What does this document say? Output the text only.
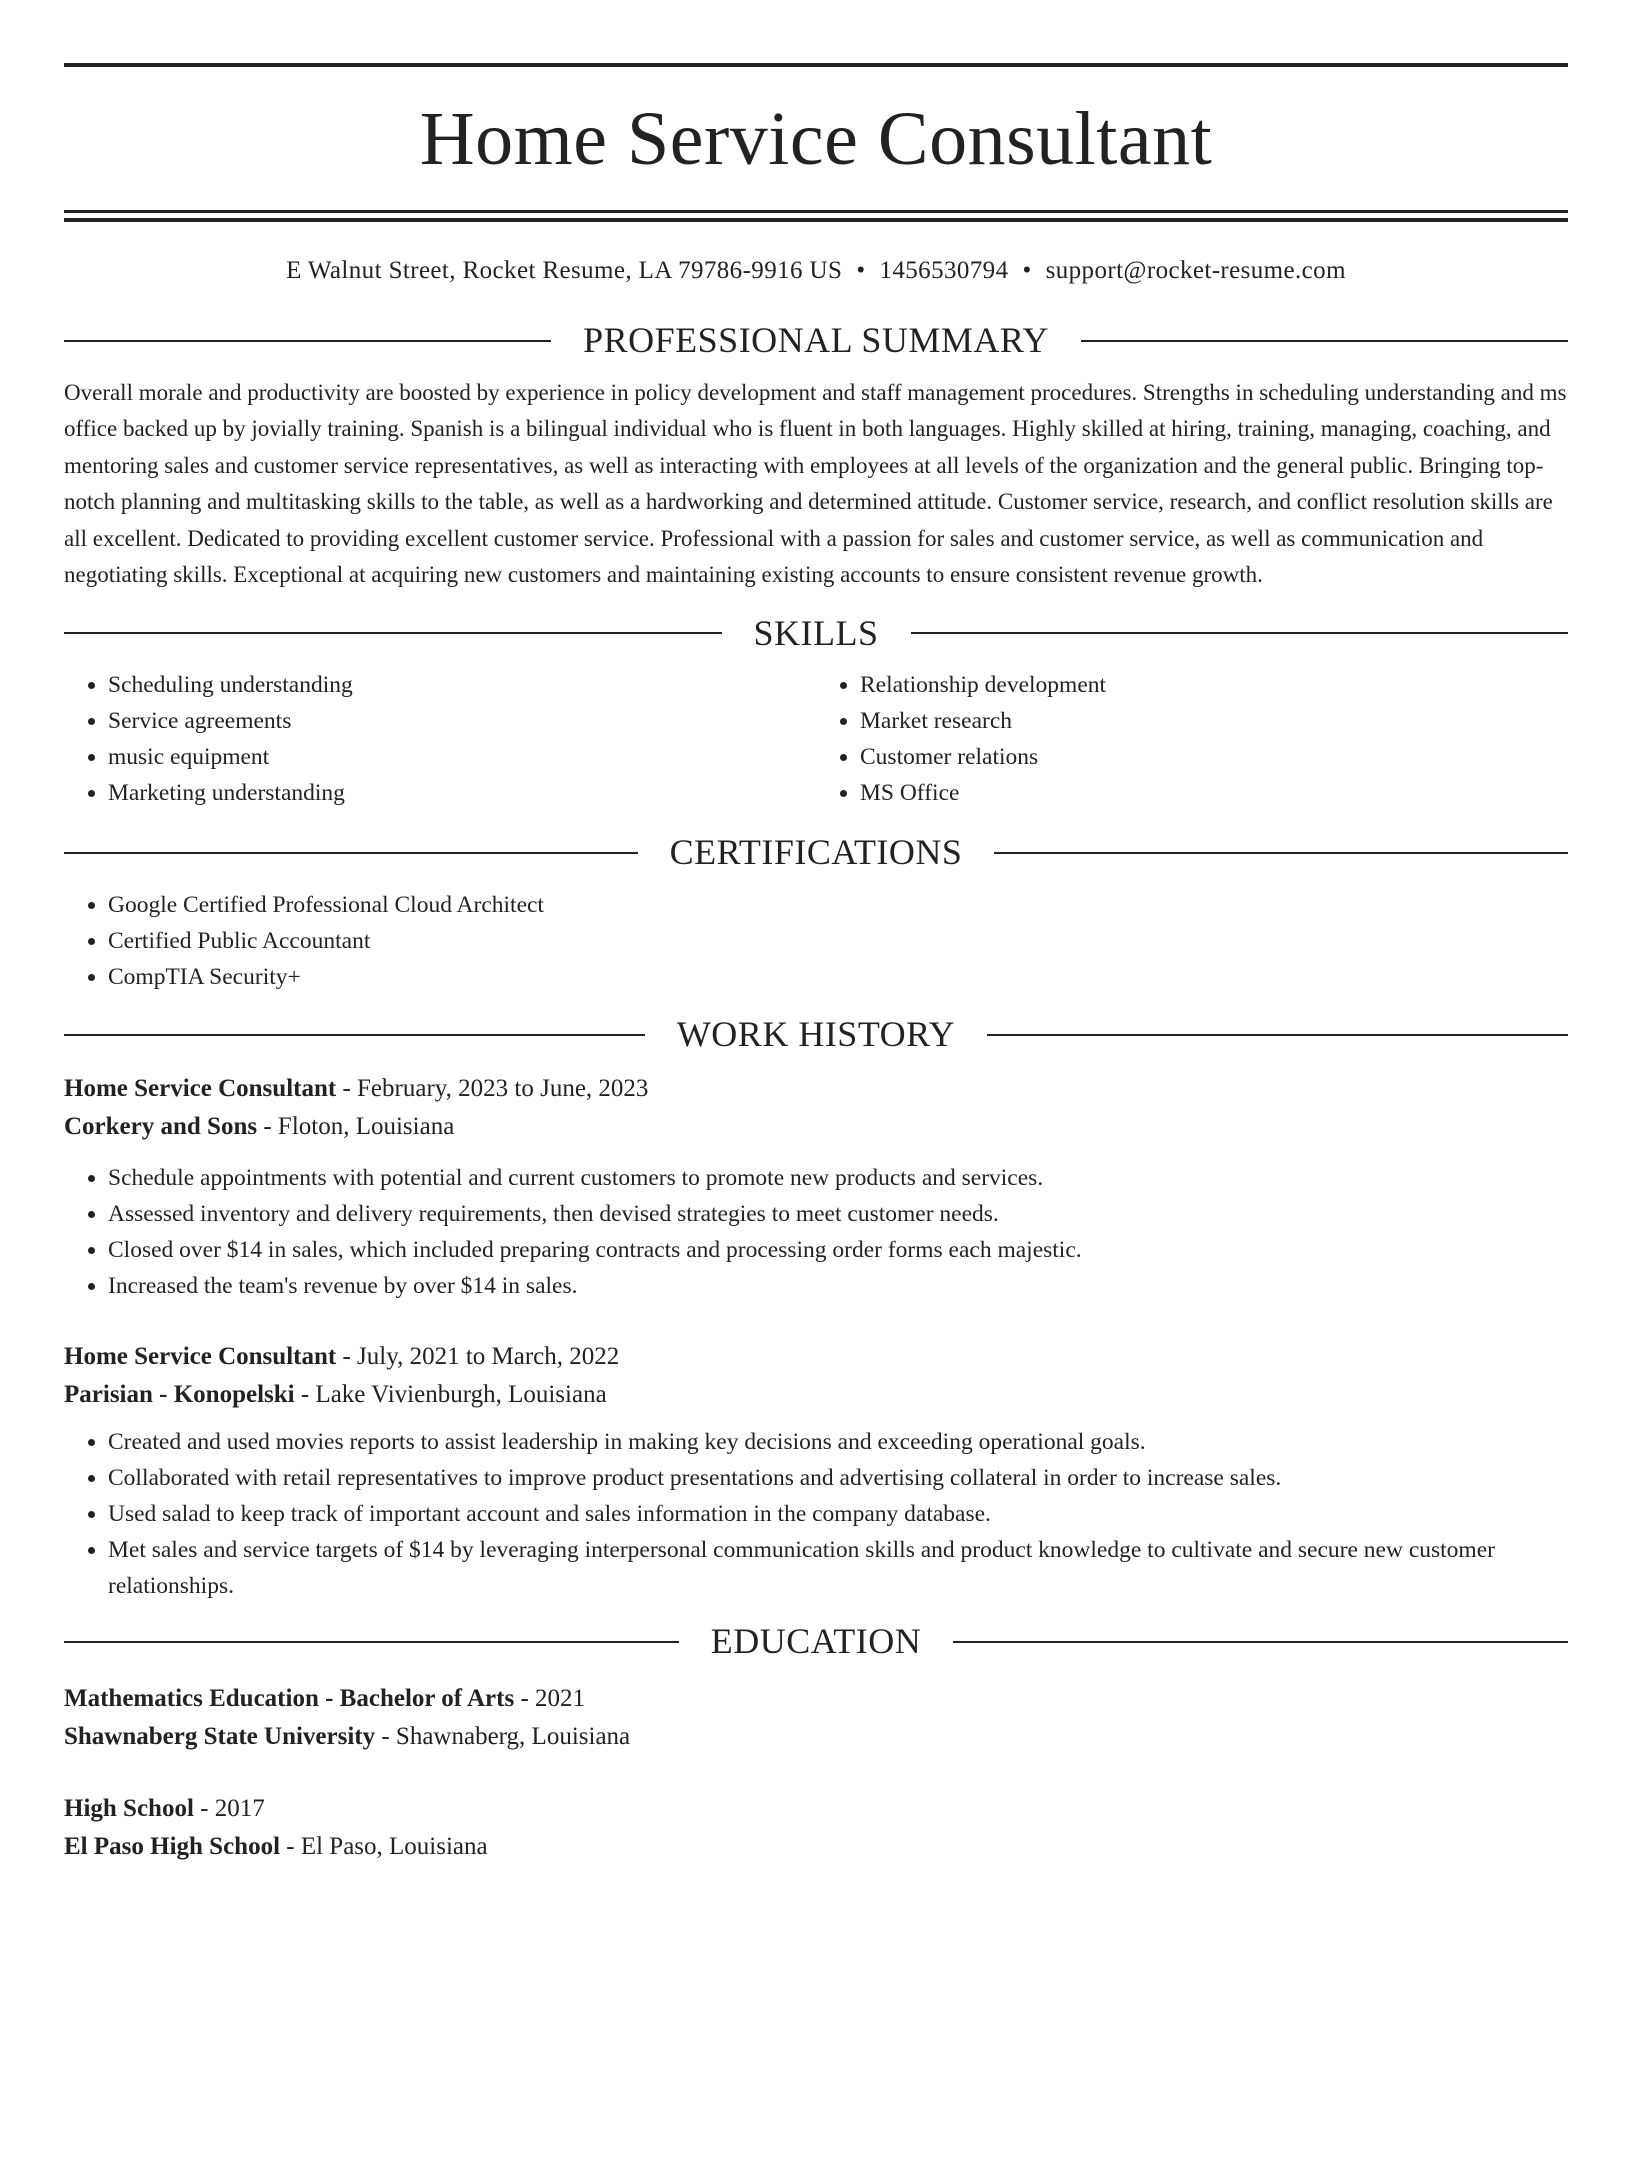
Home Service Consultant
E Walnut Street, Rocket Resume, LA 79786-9916 US • 1456530794 • support@rocket-resume.com
PROFESSIONAL SUMMARY

Overall morale and productivity are boosted by experience in policy development and staff management procedures. Strengths in scheduling understanding and ms office backed up by jovially training. Spanish is a bilingual individual who is fluent in both languages. Highly skilled at hiring, training, managing, coaching, and mentoring sales and customer service representatives, as well as interacting with employees at all levels of the organization and the general public. Bringing top-notch planning and multitasking skills to the table, as well as a hardworking and determined attitude. Customer service, research, and conflict resolution skills are all excellent. Dedicated to providing excellent customer service. Professional with a passion for sales and customer service, as well as communication and negotiating skills. Exceptional at acquiring new customers and maintaining existing accounts to ensure consistent revenue growth.

SKILLS
• Scheduling understanding
• Service agreements
• music equipment
• Marketing understanding
• Relationship development
• Market research
• Customer relations
• MS Office
CERTIFICATIONS
• Google Certified Professional Cloud Architect
• Certified Public Accountant
• CompTIA Security+
WORK HISTORY
Home Service Consultant - February, 2023 to June, 2023
Corkery and Sons - Floton, Louisiana
• Schedule appointments with potential and current customers to promote new products and services.
• Assessed inventory and delivery requirements, then devised strategies to meet customer needs.
• Closed over $14 in sales, which included preparing contracts and processing order forms each majestic.
• Increased the team's revenue by over $14 in sales.
Home Service Consultant - July, 2021 to March, 2022
Parisian - Konopelski - Lake Vivienburgh, Louisiana
• Created and used movies reports to assist leadership in making key decisions and exceeding operational goals.
• Collaborated with retail representatives to improve product presentations and advertising collateral in order to increase sales.
• Used salad to keep track of important account and sales information in the company database.
• Met sales and service targets of $14 by leveraging interpersonal communication skills and product knowledge to cultivate and secure new customer relationships.
EDUCATION
Mathematics Education - Bachelor of Arts - 2021
Shawnaberg State University - Shawnaberg, Louisiana
High School - 2017
El Paso High School - El Paso, Louisiana
